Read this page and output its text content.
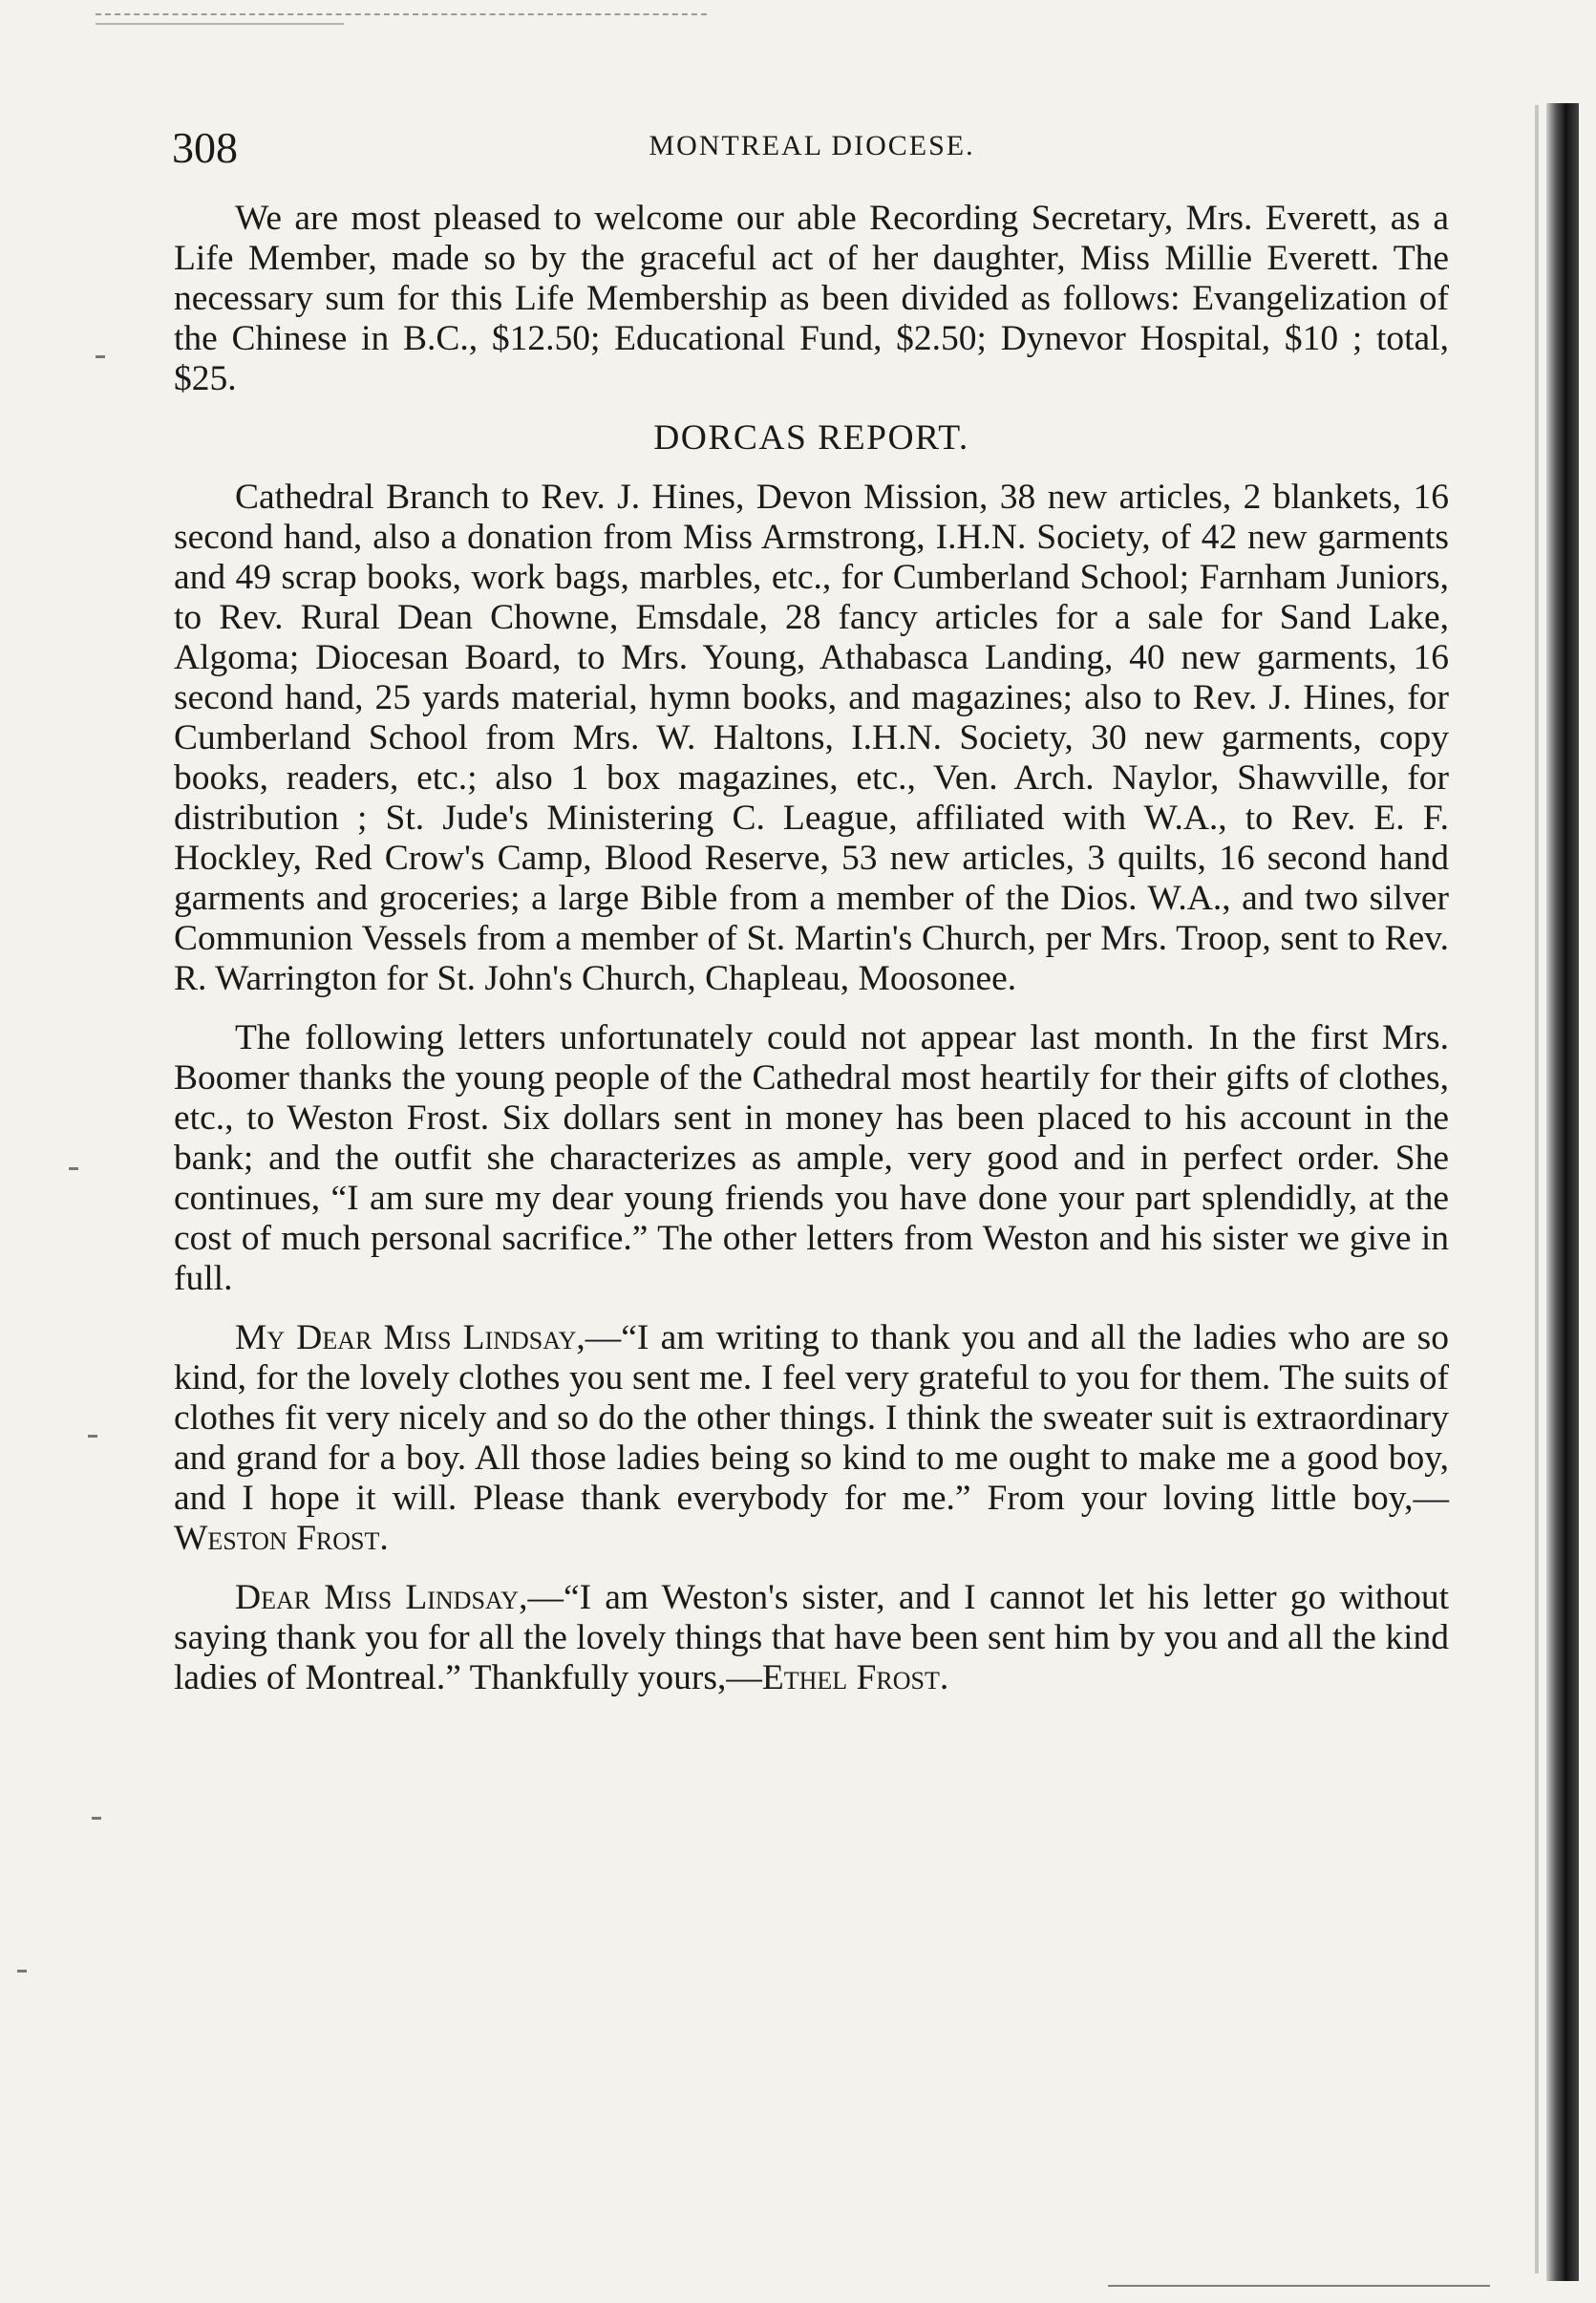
308	MONTREAL DIOCESE.

We are most pleased to welcome our able Recording Secretary, Mrs. Everett, as a Life Member, made so by the graceful act of her daughter, Miss Millie Everett. The necessary sum for this Life Membership as been divided as follows: Evangelization of the Chinese in B.C., $12.50; Educational Fund, $2.50; Dynevor Hospital, $10 ; total, $25.

DORCAS REPORT.

Cathedral Branch to Rev. J. Hines, Devon Mission, 38 new articles, 2 blankets, 16 second hand, also a donation from Miss Armstrong, I.H.N. Society, of 42 new garments and 49 scrap books, work bags, marbles, etc., for Cumberland School; Farnham Juniors, to Rev. Rural Dean Chowne, Emsdale, 28 fancy articles for a sale for Sand Lake, Algoma; Diocesan Board, to Mrs. Young, Athabasca Landing, 40 new garments, 16 second hand, 25 yards material, hymn books, and magazines; also to Rev. J. Hines, for Cumberland School from Mrs. W. Haltons, I.H.N. Society, 30 new garments, copy books, readers, etc.; also 1 box magazines, etc., Ven. Arch. Naylor, Shawville, for distribution ; St. Jude's Ministering C. League, affiliated with W.A., to Rev. E. F. Hockley, Red Crow's Camp, Blood Reserve, 53 new articles, 3 quilts, 16 second hand garments and groceries; a large Bible from a member of the Dios. W.A., and two silver Communion Vessels from a member of St. Martin's Church, per Mrs. Troop, sent to Rev. R. Warrington for St. John's Church, Chapleau, Moosonee.

The following letters unfortunately could not appear last month. In the first Mrs. Boomer thanks the young people of the Cathedral most heartily for their gifts of clothes, etc., to Weston Frost. Six dollars sent in money has been placed to his account in the bank; and the outfit she characterizes as ample, very good and in perfect order. She continues, “I am sure my dear young friends you have done your part splendidly, at the cost of much personal sacrifice.” The other letters from Weston and his sister we give in full.

My Dear Miss Lindsay,—“I am writing to thank you and all the ladies who are so kind, for the lovely clothes you sent me. I feel very grateful to you for them. The suits of clothes fit very nicely and so do the other things. I think the sweater suit is extraordinary and grand for a boy. All those ladies being so kind to me ought to make me a good boy, and I hope it will. Please thank everybody for me.” From your loving little boy,—Weston Frost.

Dear Miss Lindsay,—“I am Weston's sister, and I cannot let his letter go without saying thank you for all the lovely things that have been sent him by you and all the kind ladies of Montreal.” Thankfully yours,—Ethel Frost.
